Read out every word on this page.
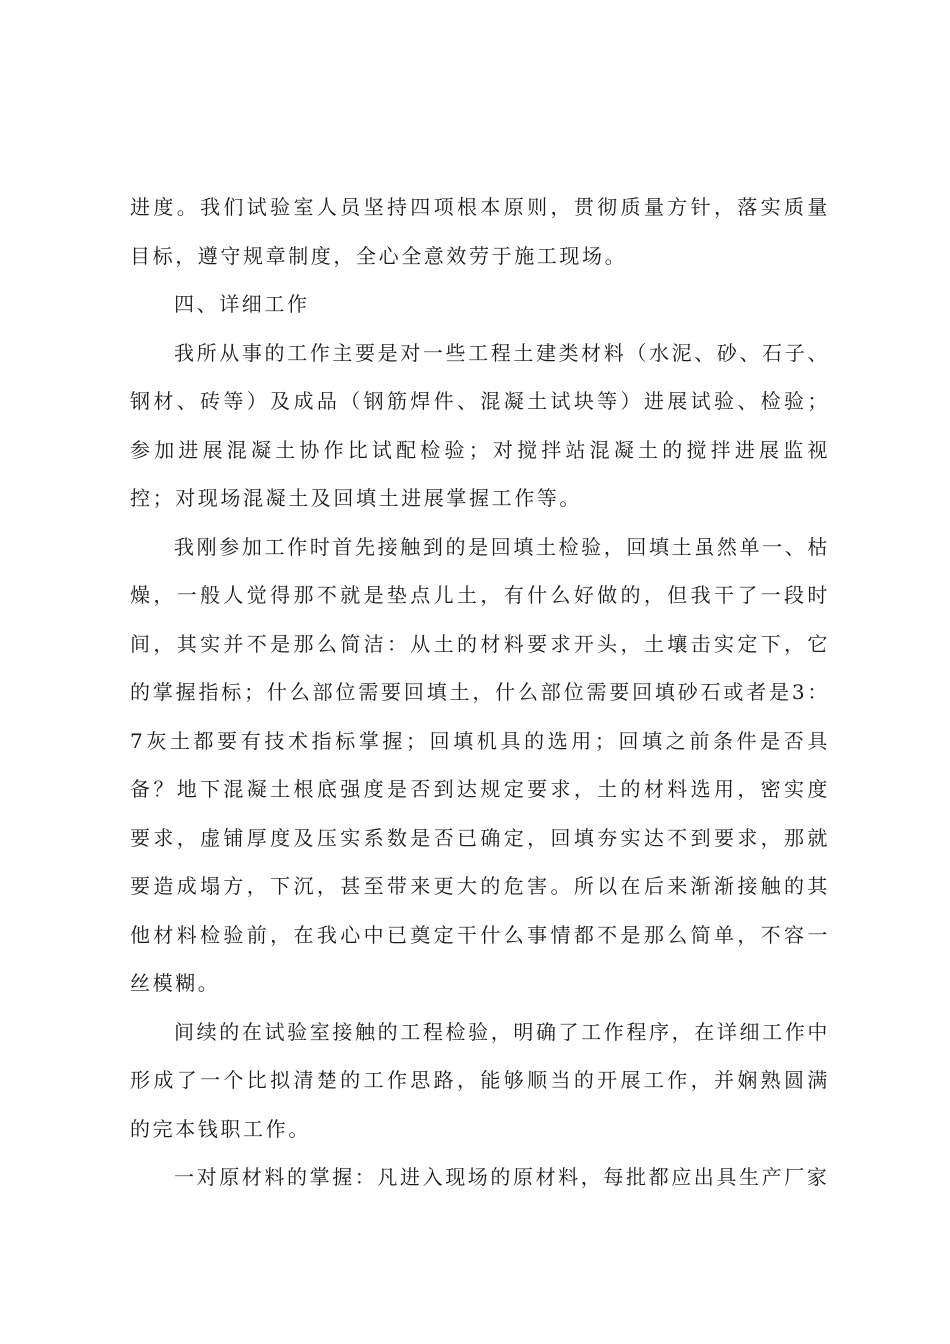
进度。我们试验室人员坚持四项根本原则，贯彻质量方针，落实质量目标，遵守规章制度，全心全意效劳于施工现场。

四、详细工作

我所从事的工作主要是对一些工程土建类材料（水泥、砂、石子、钢材、砖等）及成品（钢筋焊件、混凝土试块等）进展试验、检验；参加进展混凝土协作比试配检验；对搅拌站混凝土的搅拌进展监视控；对现场混凝土及回填土进展掌握工作等。

我刚参加工作时首先接触到的是回填土检验，回填土虽然单一、枯燥，一般人觉得那不就是垫点儿土，有什么好做的，但我干了一段时间，其实并不是那么简洁：从土的材料要求开头，土壤击实定下，它的掌握指标；什么部位需要回填土，什么部位需要回填砂石或者是3：7灰土都要有技术指标掌握；回填机具的选用；回填之前条件是否具备？地下混凝土根底强度是否到达规定要求，土的材料选用，密实度要求，虚铺厚度及压实系数是否已确定，回填夯实达不到要求，那就要造成塌方，下沉，甚至带来更大的危害。所以在后来渐渐接触的其他材料检验前，在我心中已奠定干什么事情都不是那么简单，不容一丝模糊。

间续的在试验室接触的工程检验，明确了工作程序，在详细工作中形成了一个比拟清楚的工作思路，能够顺当的开展工作，并娴熟圆满的完本钱职工作。

一对原材料的掌握：凡进入现场的原材料，每批都应出具生产厂家
